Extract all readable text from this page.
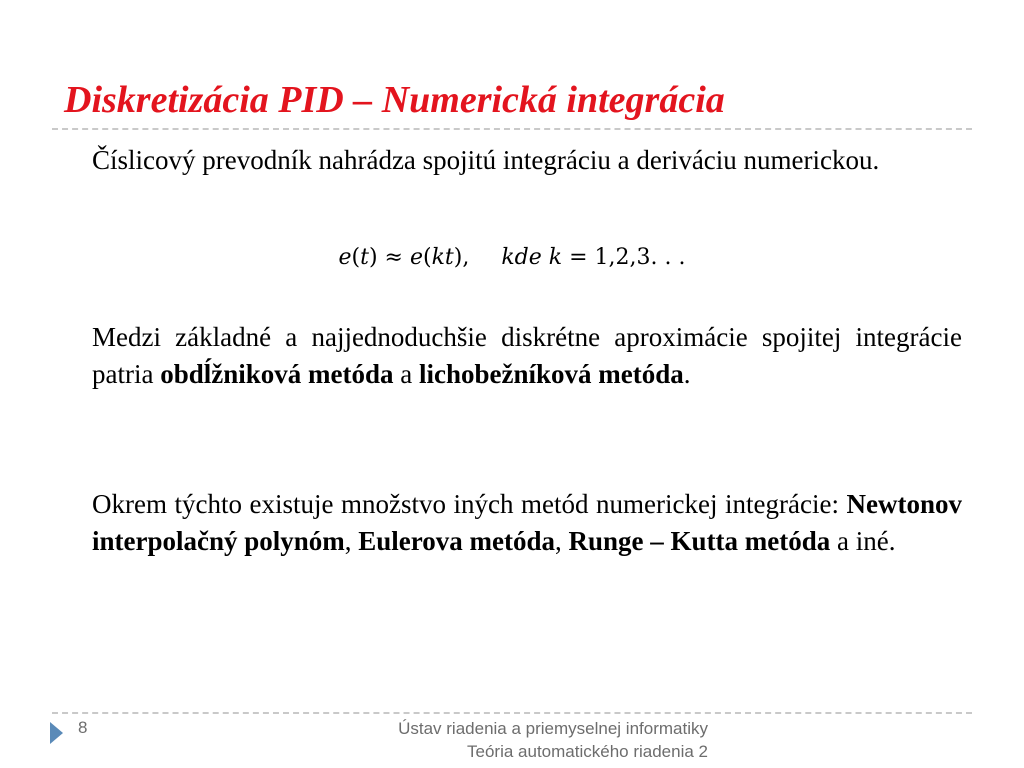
Diskretizácia PID – Numerická integrácia
Číslicový prevodník nahrádza spojitú integráciu a deriváciu numerickou.
e(t) ≈ e(kt), kde k = 1,2,3. . .
Medzi základné a najjednoduchšie diskrétne aproximácie spojitej integrácie patria obdĺžniková metóda a lichobežníková metóda.
Okrem týchto existuje množstvo iných metód numerickej integrácie: Newtonov interpolačný polynóm, Eulerova metóda, Runge – Kutta metóda a iné.
8	Ústav riadenia a priemyselnej informatiky
Teória automatického riadenia 2
